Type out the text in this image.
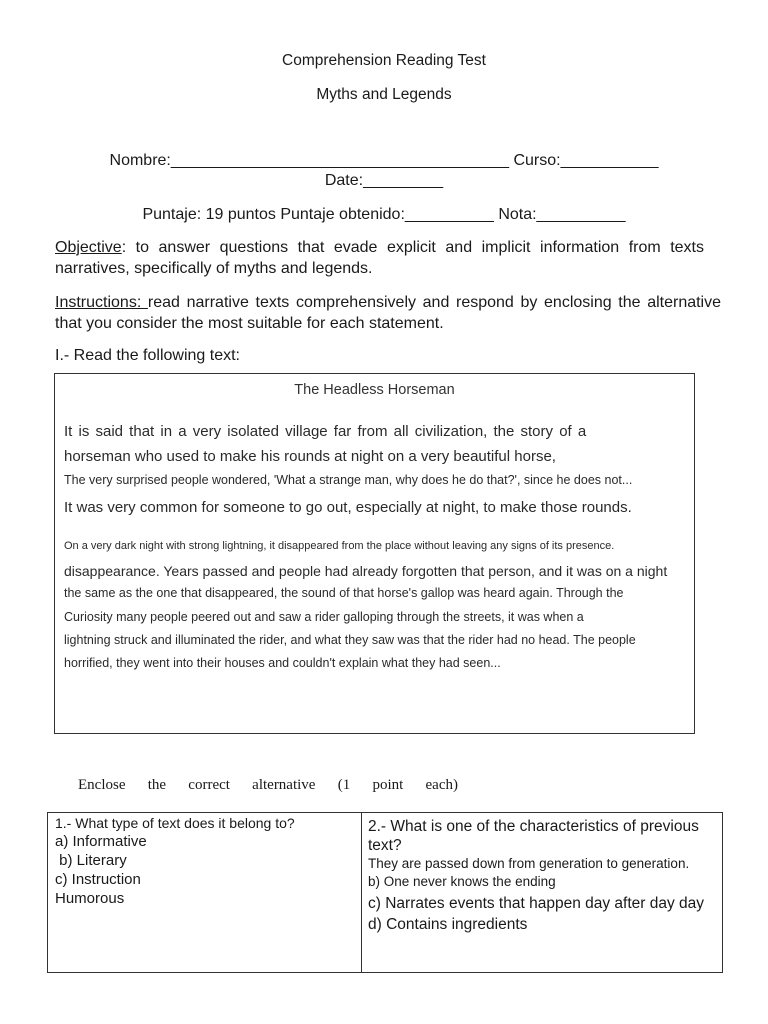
Comprehension Reading Test
Myths and Legends
Nombre:______________________________________ Curso:___________
Date:_________
Puntaje: 19 puntos Puntaje obtenido:__________ Nota:__________
Objective: to answer questions that evade explicit and implicit information from texts narratives, specifically of myths and legends.
Instructions: read narrative texts comprehensively and respond by enclosing the alternative that you consider the most suitable for each statement.
I.- Read the following text:
The Headless Horseman
It is said that in a very isolated village far from all civilization, the story of a
horseman who used to make his rounds at night on a very beautiful horse,
The very surprised people wondered, 'What a strange man, why does he do that?', since he does not...
It was very common for someone to go out, especially at night, to make those rounds.
On a very dark night with strong lightning, it disappeared from the place without leaving any signs of its presence.
disappearance. Years passed and people had already forgotten that person, and it was on a night
the same as the one that disappeared, the sound of that horse's gallop was heard again. Through the
Curiosity many people peered out and saw a rider galloping through the streets, it was when a
lightning struck and illuminated the rider, and what they saw was that the rider had no head. The people
horrified, they went into their houses and couldn't explain what they had seen...
Enclose the correct alternative (1 point each)
1.- What type of text does it belong to?
a) Informative
b) Literary
c) Instruction
Humorous
2.- What is one of the characteristics of previous text?
They are passed down from generation to generation.
b) One never knows the ending
c) Narrates events that happen day after day day
d) Contains ingredients
